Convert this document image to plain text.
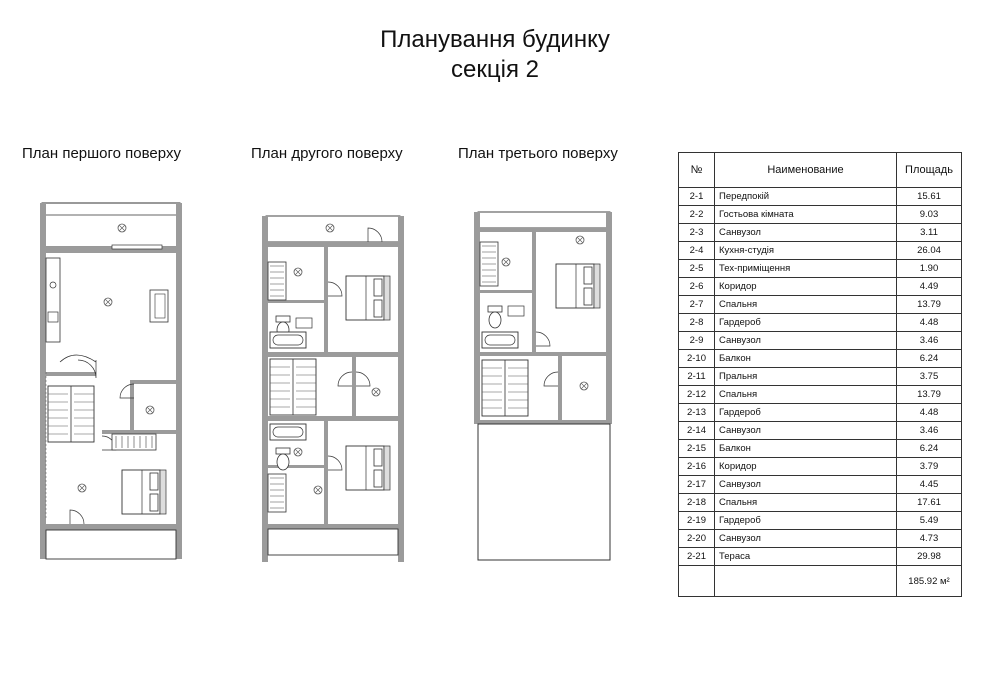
Планування будинку
секція 2
План першого поверху	План другого поверху	План третього поверху
№	Наименование	Площадь
2-1	Передпокій	15.61
2-2	Гостьова кімната	9.03
2-3	Санвузол	3.11
2-4	Кухня-студія	26.04
2-5	Тех-приміщення	1.90
2-6	Коридор	4.49
2-7	Спальня	13.79
2-8	Гардероб	4.48
2-9	Санвузол	3.46
2-10	Балкон	6.24
2-11	Пральня	3.75
2-12	Спальня	13.79
2-13	Гардероб	4.48
2-14	Санвузол	3.46
2-15	Балкон	6.24
2-16	Коридор	3.79
2-17	Санвузол	4.45
2-18	Спальня	17.61
2-19	Гардероб	5.49
2-20	Санвузол	4.73
2-21	Тераса	29.98
		185.92 м²
